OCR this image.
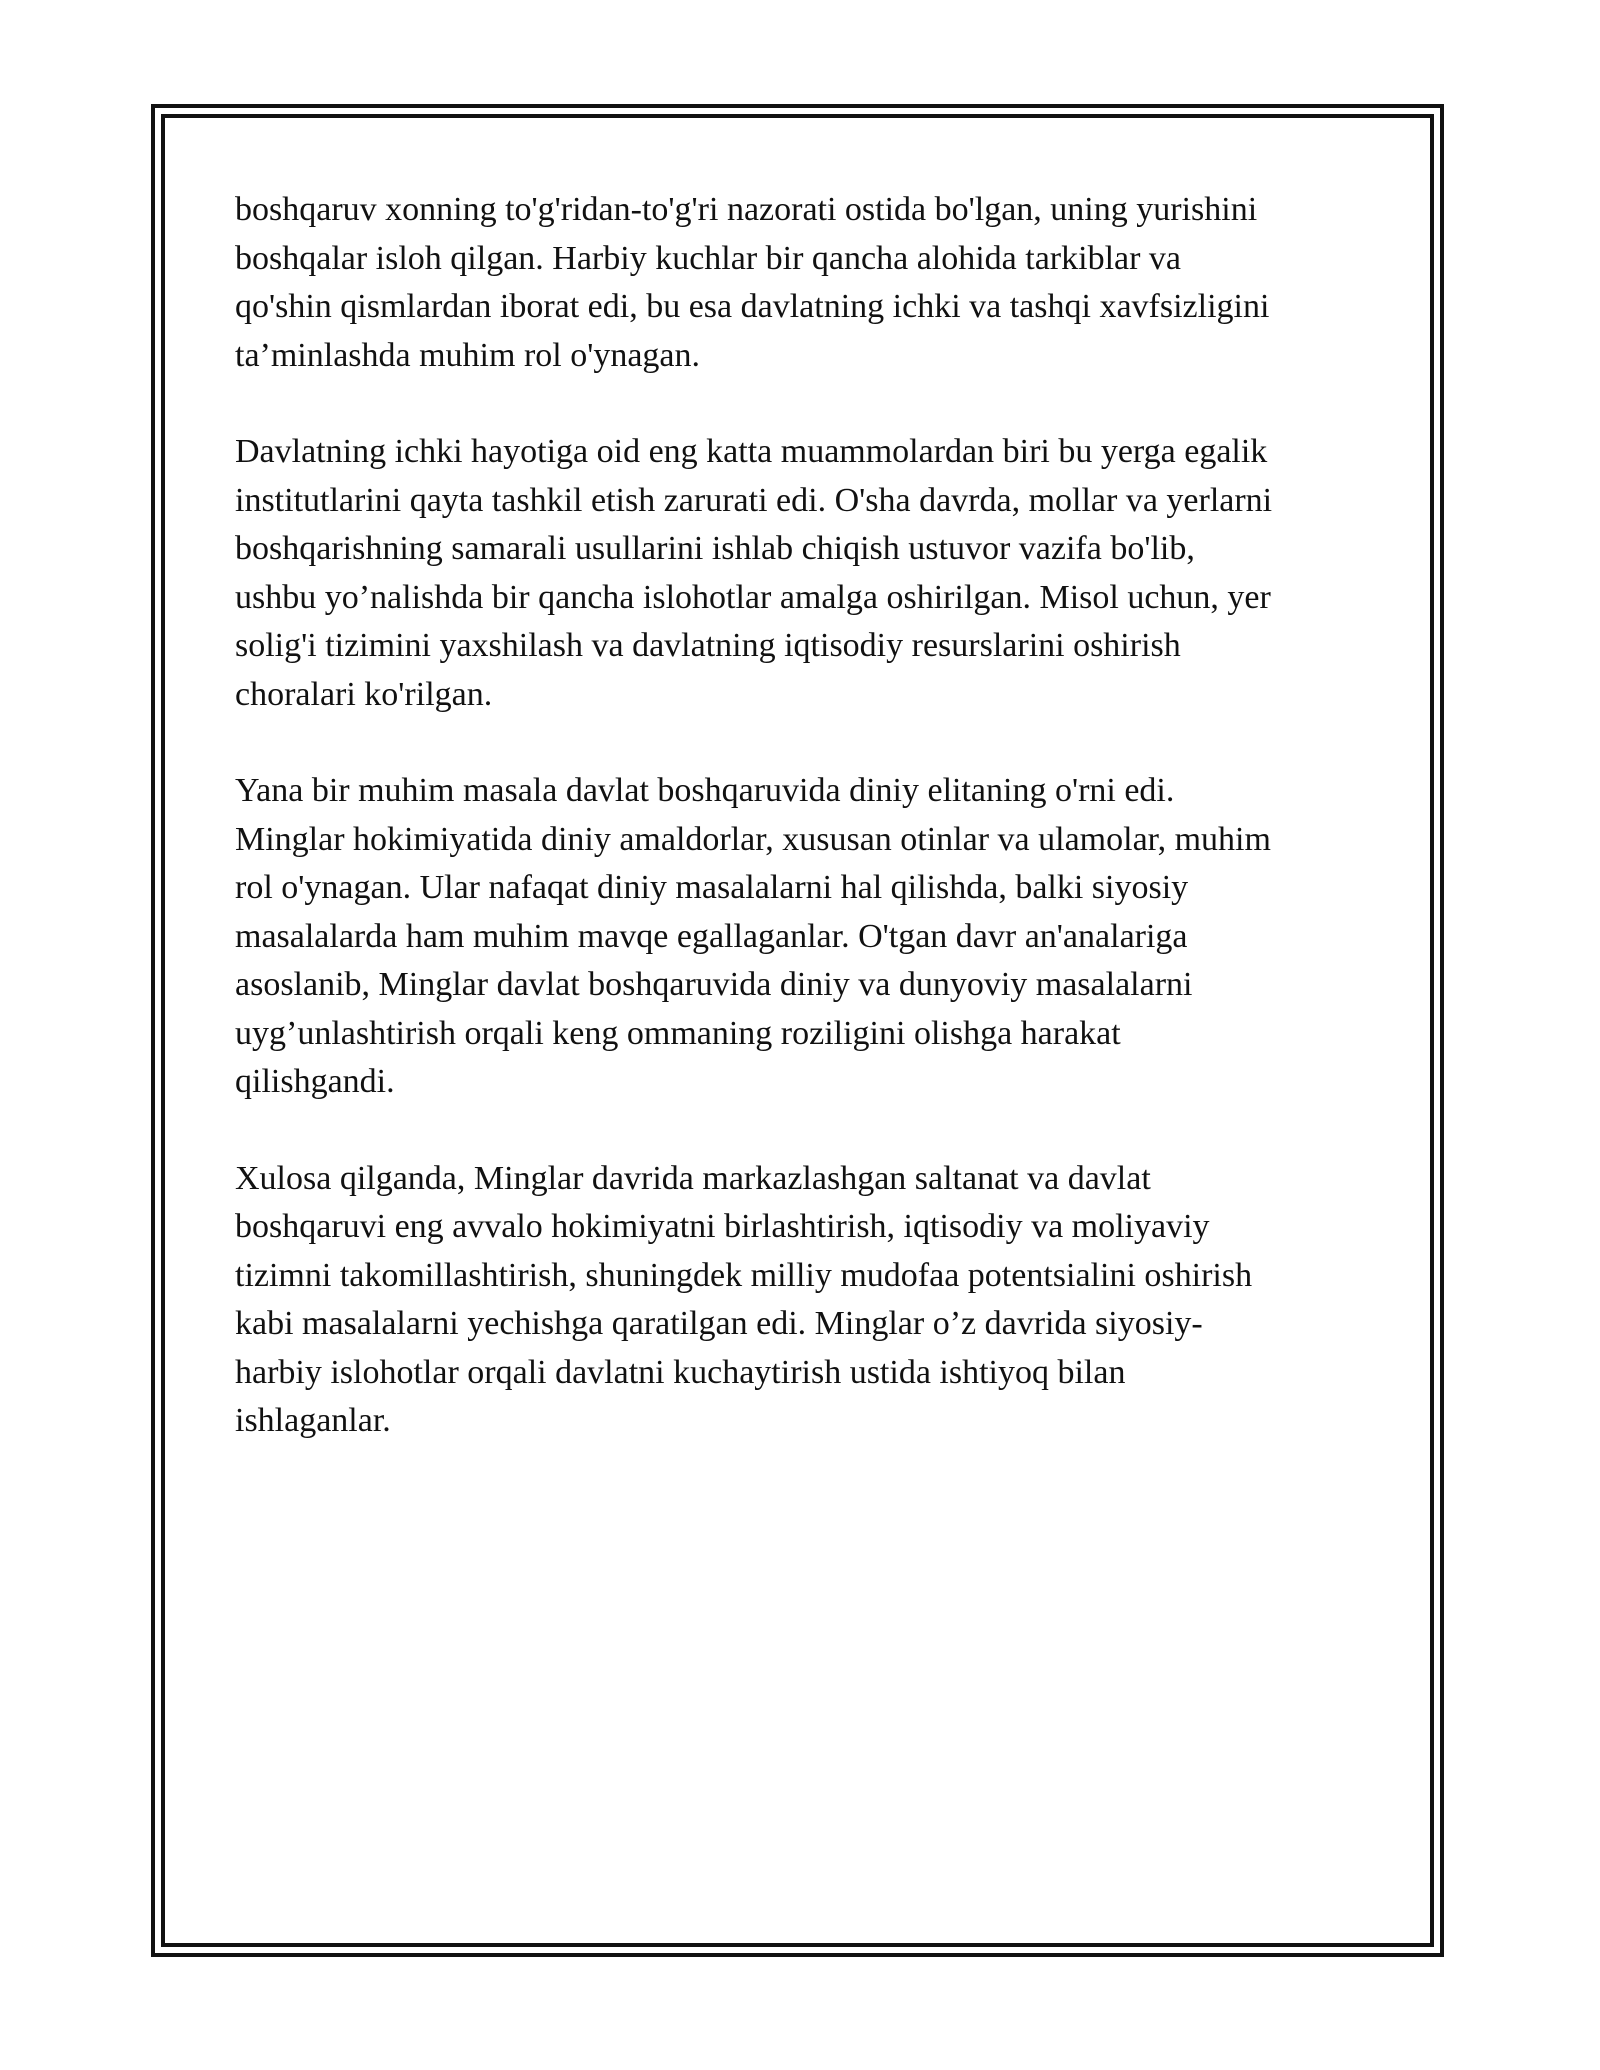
boshqaruv xonning to'g'ridan-to'g'ri nazorati ostida bo'lgan, uning yurishini
boshqalar isloh qilgan. Harbiy kuchlar bir qancha alohida tarkiblar va
qo'shin qismlardan iborat edi, bu esa davlatning ichki va tashqi xavfsizligini
ta’minlashda muhim rol o'ynagan.

Davlatning ichki hayotiga oid eng katta muammolardan biri bu yerga egalik
institutlarini qayta tashkil etish zarurati edi. O'sha davrda, mollar va yerlarni
boshqarishning samarali usullarini ishlab chiqish ustuvor vazifa bo'lib,
ushbu yo’nalishda bir qancha islohotlar amalga oshirilgan. Misol uchun, yer
solig'i tizimini yaxshilash va davlatning iqtisodiy resurslarini oshirish
choralari ko'rilgan.

Yana bir muhim masala davlat boshqaruvida diniy elitaning o'rni edi.
Minglar hokimiyatida diniy amaldorlar, xususan otinlar va ulamolar, muhim
rol o'ynagan. Ular nafaqat diniy masalalarni hal qilishda, balki siyosiy
masalalarda ham muhim mavqe egallaganlar. O'tgan davr an'analariga
asoslanib, Minglar davlat boshqaruvida diniy va dunyoviy masalalarni
uyg’unlashtirish orqali keng ommaning roziligini olishga harakat
qilishgandi.

Xulosa qilganda, Minglar davrida markazlashgan saltanat va davlat
boshqaruvi eng avvalo hokimiyatni birlashtirish, iqtisodiy va moliyaviy
tizimni takomillashtirish, shuningdek milliy mudofaa potentsialini oshirish
kabi masalalarni yechishga qaratilgan edi. Minglar o’z davrida siyosiy-
harbiy islohotlar orqali davlatni kuchaytirish ustida ishtiyoq bilan
ishlaganlar.
